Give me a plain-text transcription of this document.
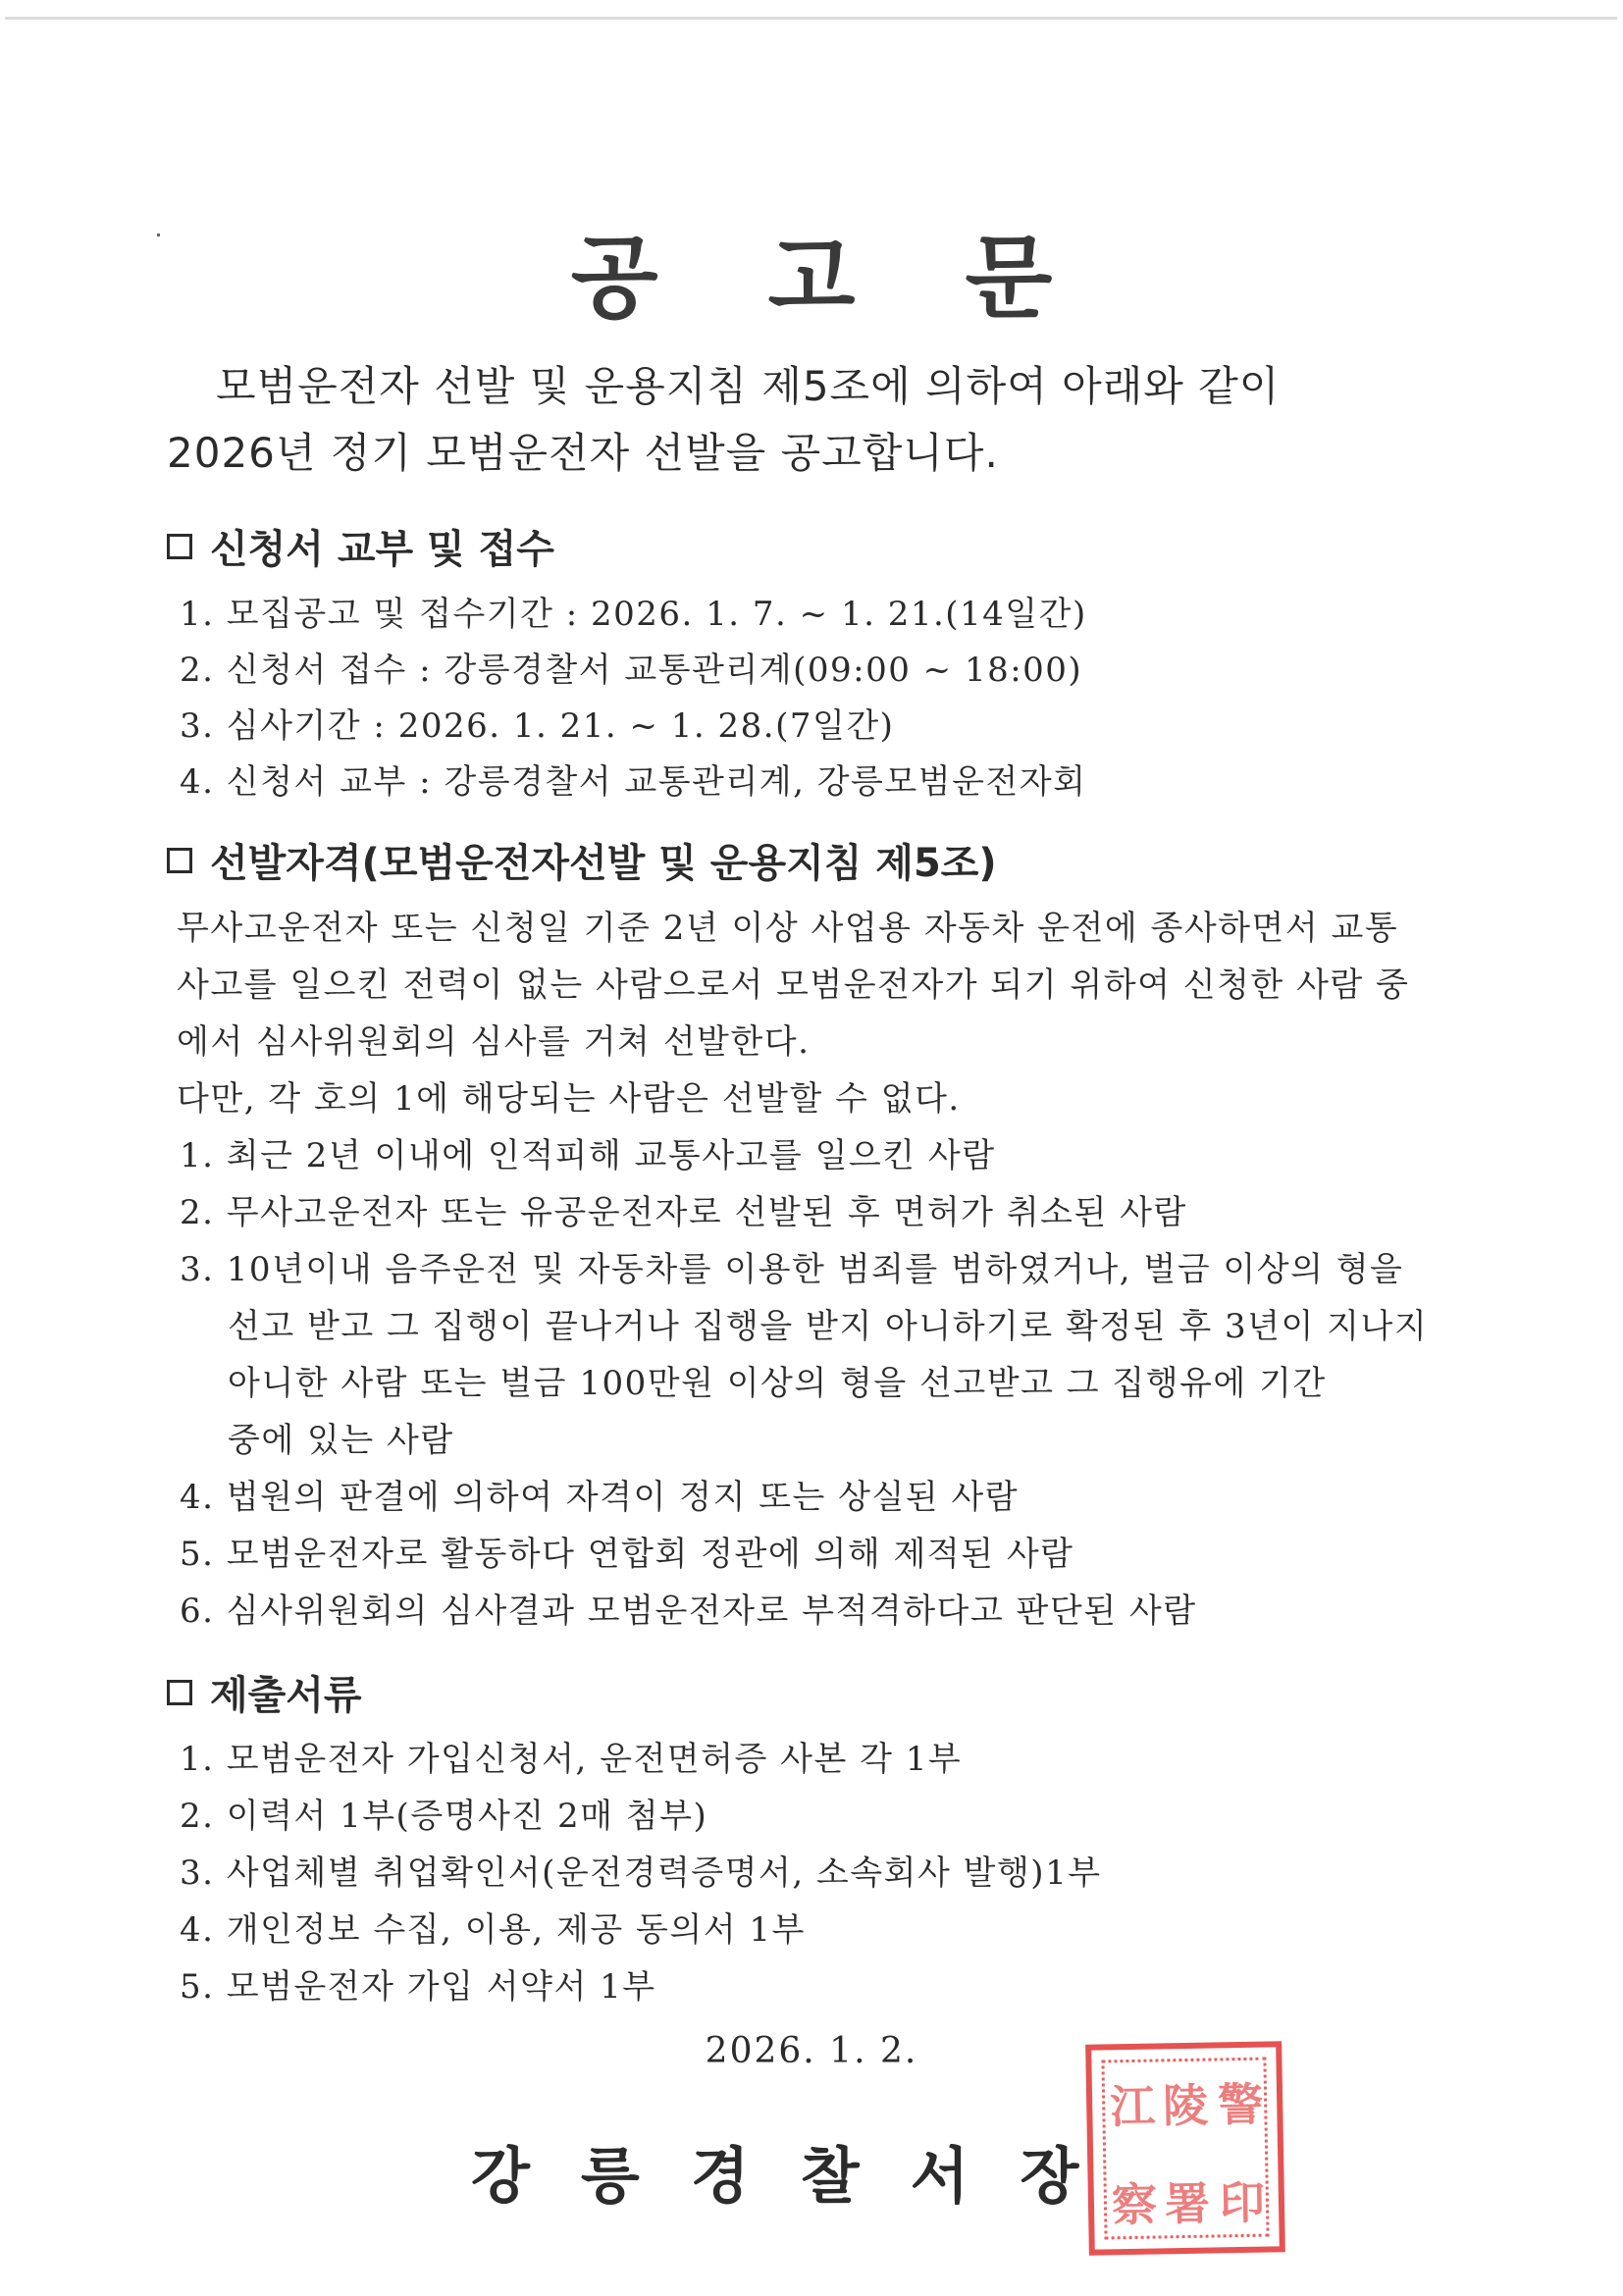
공 고 문
모범운전자 선발 및 운용지침 제5조에 의하여 아래와 같이
2026년 정기 모범운전자 선발을 공고합니다.
신청서 교부 및 접수
1. 모집공고 및 접수기간 : 2026. 1. 7. ~ 1. 21.(14일간)
2. 신청서 접수 : 강릉경찰서 교통관리계(09:00 ~ 18:00)
3. 심사기간 : 2026. 1. 21. ~ 1. 28.(7일간)
4. 신청서 교부 : 강릉경찰서 교통관리계, 강릉모범운전자회
선발자격(모범운전자선발 및 운용지침 제5조)
무사고운전자 또는 신청일 기준 2년 이상 사업용 자동차 운전에 종사하면서 교통
사고를 일으킨 전력이 없는 사람으로서 모범운전자가 되기 위하여 신청한 사람 중
에서 심사위원회의 심사를 거쳐 선발한다.
다만, 각 호의 1에 해당되는 사람은 선발할 수 없다.
1. 최근 2년 이내에 인적피해 교통사고를 일으킨 사람
2. 무사고운전자 또는 유공운전자로 선발된 후 면허가 취소된 사람
3. 10년이내 음주운전 및 자동차를 이용한 범죄를 범하였거나, 벌금 이상의 형을
선고 받고 그 집행이 끝나거나 집행을 받지 아니하기로 확정된 후 3년이 지나지
아니한 사람 또는 벌금 100만원 이상의 형을 선고받고 그 집행유에 기간
중에 있는 사람
4. 법원의 판결에 의하여 자격이 정지 또는 상실된 사람
5. 모범운전자로 활동하다 연합회 정관에 의해 제적된 사람
6. 심사위원회의 심사결과 모범운전자로 부적격하다고 판단된 사람
제출서류
1. 모범운전자 가입신청서, 운전면허증 사본 각 1부
2. 이력서 1부(증명사진 2매 첨부)
3. 사업체별 취업확인서(운전경력증명서, 소속회사 발행)1부
4. 개인정보 수집, 이용, 제공 동의서 1부
5. 모범운전자 가입 서약서 1부
2026. 1. 2.
江 陵 警
察 署 印
강 릉 경 찰 서 장
